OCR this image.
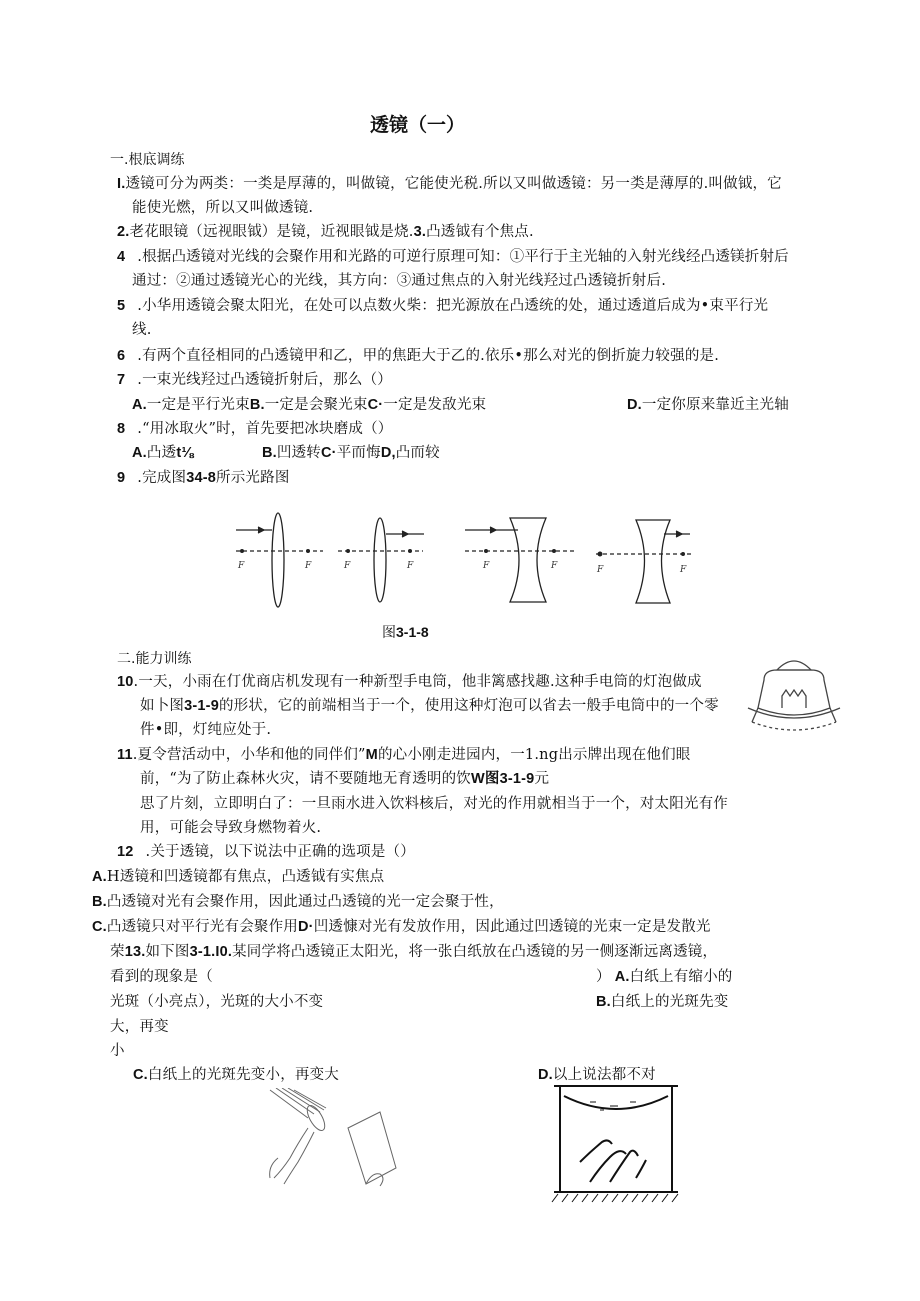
透镜（一）
一.根底调练
I.透镜可分为两类：一类是厚薄的，叫做镜，它能使光税.所以又叫做透镜：另一类是薄厚的.叫做钺，它
能使光燃，所以又叫做透镜.
2.老花眼镜（远视眼钺）是镜，近视眼钺是烧.3.凸透钺有个焦点.
4 .根据凸透镜对光线的会聚作用和光路的可逆行原理可知：①平行于主光轴的入射光线经凸透镁折射后
通过：②通过透镜光心的光线，其方向：③通过焦点的入射光线羟过凸透镜折射后.
5 .小华用透镜会聚太阳光，在处可以点数火柴：把光源放在凸透统的处，通过透道后成为•束平行光
线.
6 .有两个直径相同的凸透镜甲和乙，甲的焦距大于乙的.依乐•那么对光的倒折旋力较强的是.
7 .一束光线羟过凸透镜折射后，那么（）
A.一定是平行光束B.一定是会聚光束C·一定是发敌光束	D.一定你原来靠近主光轴
8 .“用冰取火”时，首先要把冰块磨成（）
A.凸透t⅛	B.凹透转C·平而悔D,凸而较
9 .完成图34-8所示光路图
F	F	F	F	F	F	F	F
图3-1-8
二.能力训练
10.一天，小雨在仃优商店机发现有一种新型手电筒，他非篱感找趣.这种手电筒的灯泡做成
如卜图3-1-9的形状，它的前端相当于一个，使用这种灯泡可以省去一般手电筒中的一个零
件•即，灯纯应处于.
11.夏令营活动中，小华和他的同伴们”M的心小刚走进园内，一1.ng出示牌出现在他们眼
前，“为了防止森林火灾，请不要随地无育透明的饮W图3-1-9元
思了片刻，立即明白了：一旦雨水进入饮料核后，对光的作用就相当于一个，对太阳光有作
用，可能会导致身燃物着火.
12 .关于透镜，以下说法中正确的选项是（）
A.H透镜和凹透镜都有焦点，凸透钺有实焦点
B.凸透镜对光有会聚作用，因此通过凸透镜的光一定会聚于性，
C.凸透镜只对平行光有会聚作用D·凹透慷对光有发放作用，因此通过凹透镜的光束一定是发散光
荣13.如下图3-1.I0.某同学将凸透镜正太阳光，将一张白纸放在凸透镜的另一侧逐渐远离透镜，
看到的现象是（	） A.白纸上有缩小的
光斑（小亮点），光斑的大小不变	B.白纸上的光斑先变
大，再变
小
C.白纸上的光斑先变小，再变大	D.以上说法都不对
